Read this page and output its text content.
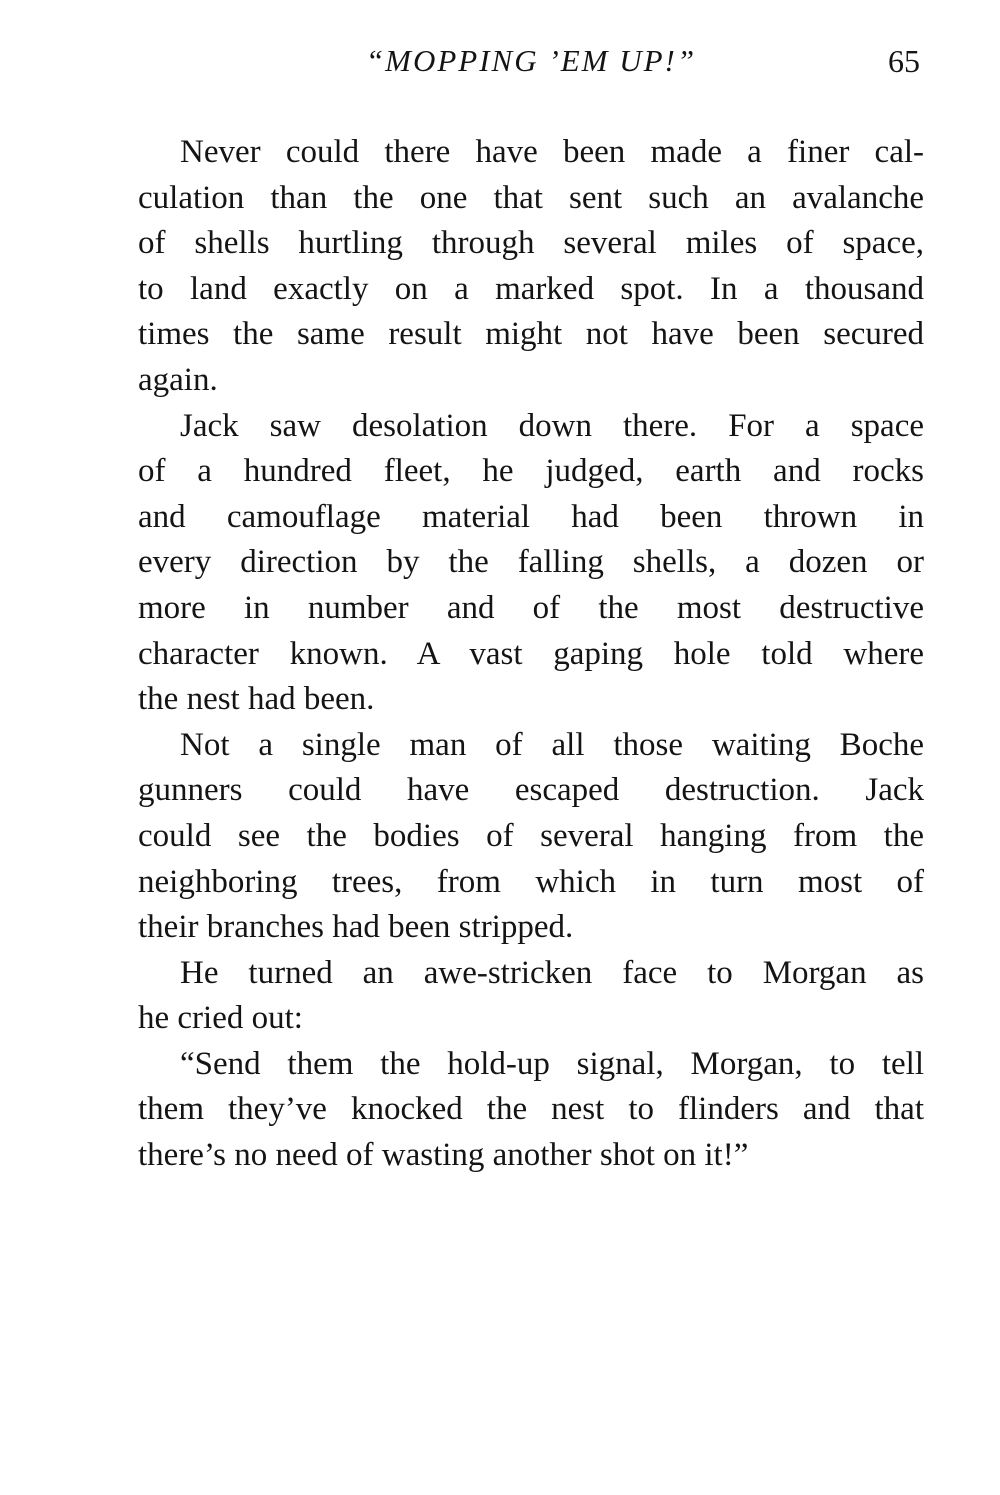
“MOPPING ’EM UP!”	65

Never could there have been made a finer cal-
culation than the one that sent such an avalanche
of shells hurtling through several miles of space,
to land exactly on a marked spot. In a thousand
times the same result might not have been secured
again.

Jack saw desolation down there. For a space
of a hundred fleet, he judged, earth and rocks
and camouflage material had been thrown in
every direction by the falling shells, a dozen or
more in number and of the most destructive
character known. A vast gaping hole told where
the nest had been.

Not a single man of all those waiting Boche
gunners could have escaped destruction. Jack
could see the bodies of several hanging from the
neighboring trees, from which in turn most of
their branches had been stripped.

He turned an awe-stricken face to Morgan as
he cried out:

“Send them the hold-up signal, Morgan, to tell
them they’ve knocked the nest to flinders and that
there’s no need of wasting another shot on it!”
